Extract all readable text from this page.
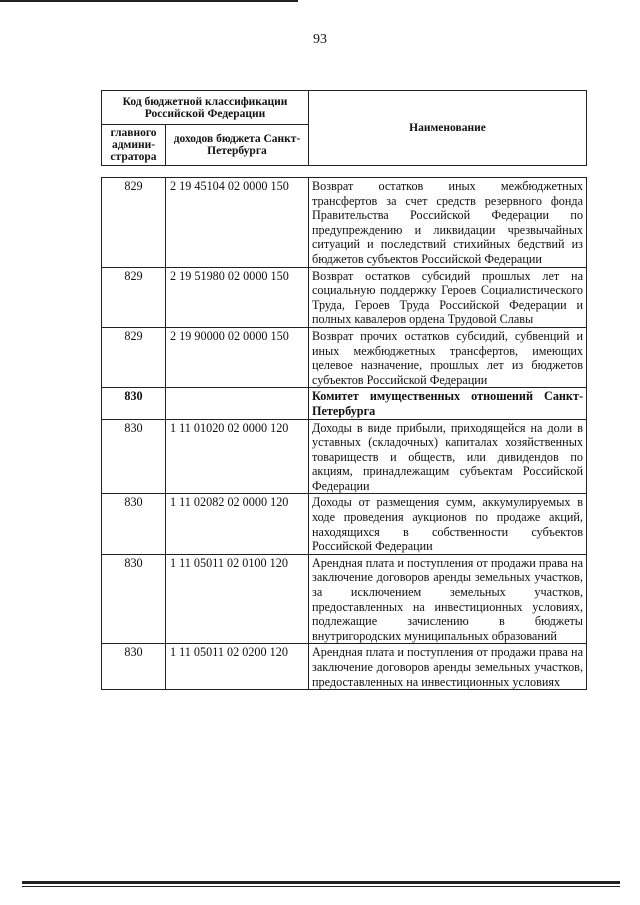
93
Код бюджетной классификации Российской Федерации		Наименование
главного админи-стратора	доходов бюджета Санкт-Петербурга	
829	2 19 45104 02 0000 150	Возврат остатков иных межбюджетных трансфертов за счет средств резервного фонда Правительства Российской Федерации по предупреждению и ликвидации чрезвычайных ситуаций и последствий стихийных бедствий из бюджетов субъектов Российской Федерации
829	2 19 51980 02 0000 150	Возврат остатков субсидий прошлых лет на социальную поддержку Героев Социалистического Труда, Героев Труда Российской Федерации и полных кавалеров ордена Трудовой Славы
829	2 19 90000 02 0000 150	Возврат прочих остатков субсидий, субвенций и иных межбюджетных трансфертов, имеющих целевое назначение, прошлых лет из бюджетов субъектов Российской Федерации
830		Комитет имущественных отношений Санкт-Петербурга
830	1 11 01020 02 0000 120	Доходы в виде прибыли, приходящейся на доли в уставных (складочных) капиталах хозяйственных товариществ и обществ, или дивидендов по акциям, принадлежащим субъектам Российской Федерации
830	1 11 02082 02 0000 120	Доходы от размещения сумм, аккумулируемых в ходе проведения аукционов по продаже акций, находящихся в собственности субъектов Российской Федерации
830	1 11 05011 02 0100 120	Арендная плата и поступления от продажи права на заключение договоров аренды земельных участков, за исключением земельных участков, предоставленных на инвестиционных условиях, подлежащие зачислению в бюджеты внутригородских муниципальных образований
830	1 11 05011 02 0200 120	Арендная плата и поступления от продажи права на заключение договоров аренды земельных участков, предоставленных на инвестиционных условиях
